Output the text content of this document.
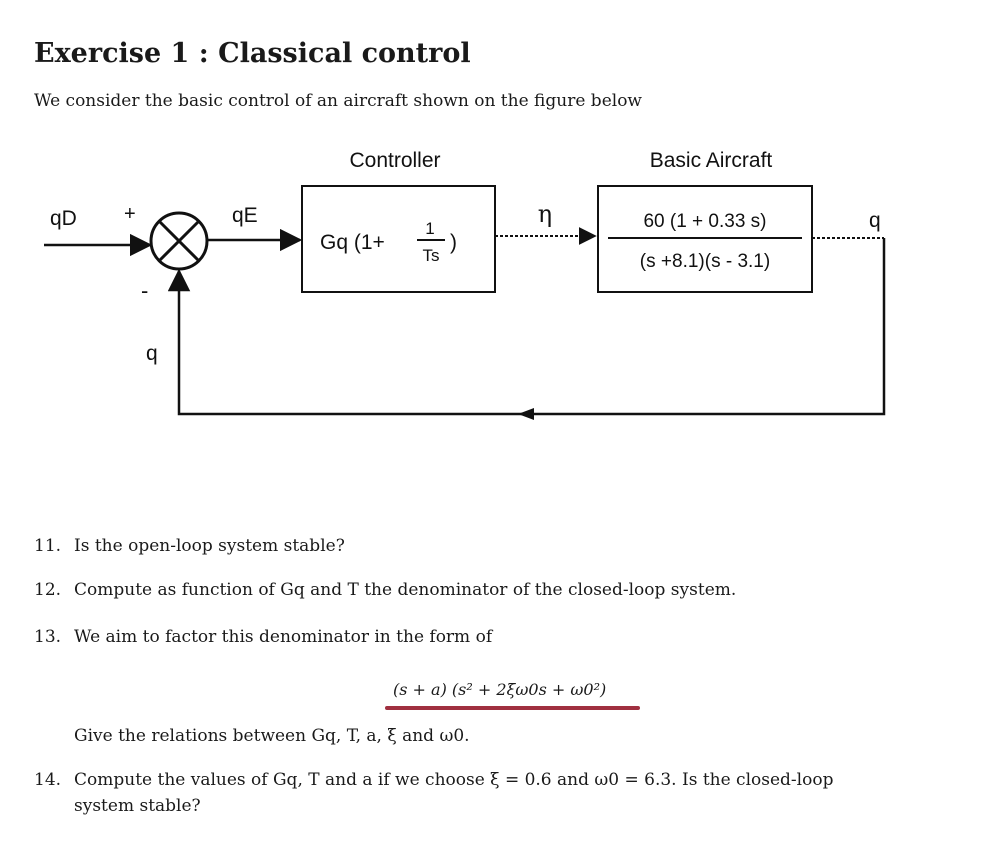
Exercise 1 : Classical control
We consider the basic control of an aircraft shown on the figure below
Controller	Basic Aircraft
qD +
-
qE
Gq (1+
1
Ts
)
η	60 (1 + 0.33 s)
(s +8.1)(s - 3.1)
q
q
11. Is the open-loop system stable?
12. Compute as function of Gq and T the denominator of the closed-loop system.
13. We aim to factor this denominator in the form of
(s + a) (s² + 2ξω0s + ω0²)
Give the relations between Gq, T, a, ξ and ω0.
14. Compute the values of Gq, T and a if we choose ξ = 0.6 and ω0 = 6.3. Is the closed-loop
system stable?
